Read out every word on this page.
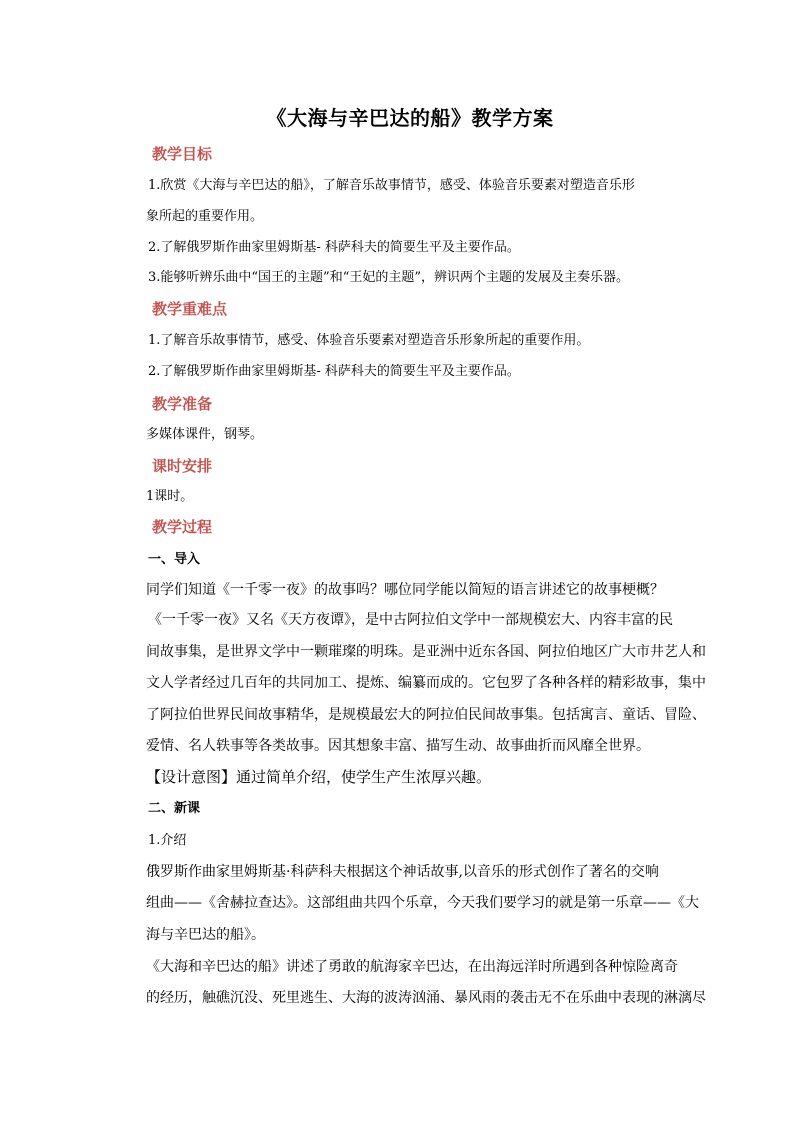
《大海与辛巴达的船》教学方案
教学目标
1.欣赏《大海与辛巴达的船》，了解音乐故事情节，感受、体验音乐要素对塑造音乐形
象所起的重要作用。
2.了解俄罗斯作曲家里姆斯基- 科萨科夫的简要生平及主要作品。
3.能够听辨乐曲中“国王的主题”和“王妃的主题”，辨识两个主题的发展及主奏乐器。
教学重难点
1.了解音乐故事情节，感受、体验音乐要素对塑造音乐形象所起的重要作用。
2.了解俄罗斯作曲家里姆斯基- 科萨科夫的简要生平及主要作品。
教学准备
多媒体课件，钢琴。
课时安排
1课时。
教学过程
一、导入
同学们知道《一千零一夜》的故事吗？哪位同学能以简短的语言讲述它的故事梗概？
《一千零一夜》又名《天方夜谭》，是中古阿拉伯文学中一部规模宏大、内容丰富的民
间故事集，是世界文学中一颗璀璨的明珠。是亚洲中近东各国、阿拉伯地区广大市井艺人和
文人学者经过几百年的共同加工、提炼、编纂而成的。它包罗了各种各样的精彩故事，集中
了阿拉伯世界民间故事精华，是规模最宏大的阿拉伯民间故事集。包括寓言、童话、冒险、
爱情、名人轶事等各类故事。因其想象丰富、描写生动、故事曲折而风靡全世界。
【设计意图】通过简单介绍，使学生产生浓厚兴趣。
二、新课
1.介绍
俄罗斯作曲家里姆斯基·科萨科夫根据这个神话故事,以音乐的形式创作了著名的交响
组曲——《舍赫拉查达》。这部组曲共四个乐章，今天我们要学习的就是第一乐章——《大
海与辛巴达的船》。
《大海和辛巴达的船》讲述了勇敢的航海家辛巴达，在出海远洋时所遇到各种惊险离奇
的经历，触礁沉没、死里逃生、大海的波涛汹涌、暴风雨的袭击无不在乐曲中表现的淋漓尽
